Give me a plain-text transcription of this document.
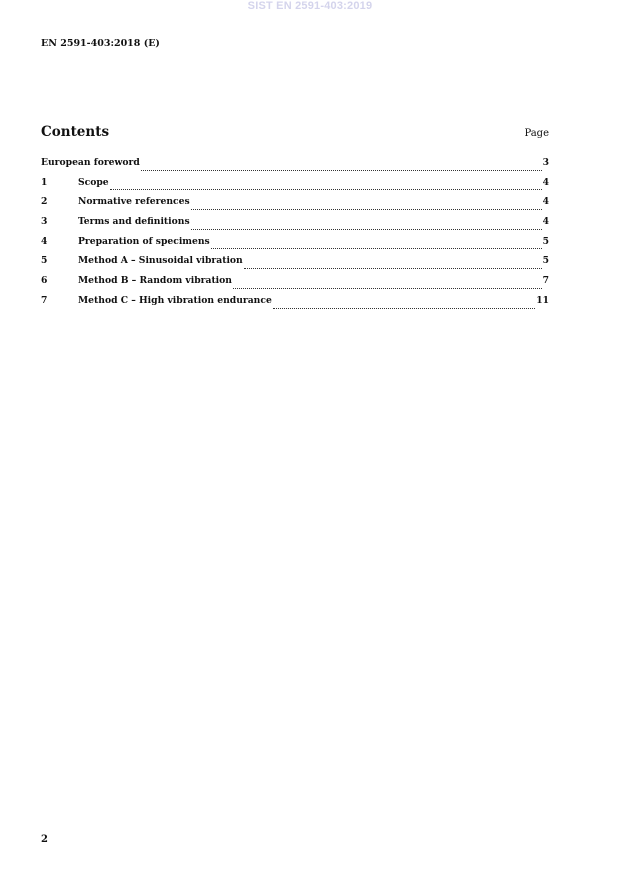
SIST EN 2591-403:2019
EN 2591-403:2018 (E)
Contents	Page
European foreword	3
1	Scope	4
2	Normative references	4
3	Terms and definitions	4
4	Preparation of specimens	5
5	Method A – Sinusoidal vibration	5
6	Method B – Random vibration	7
7	Method C – High vibration endurance	11
2
